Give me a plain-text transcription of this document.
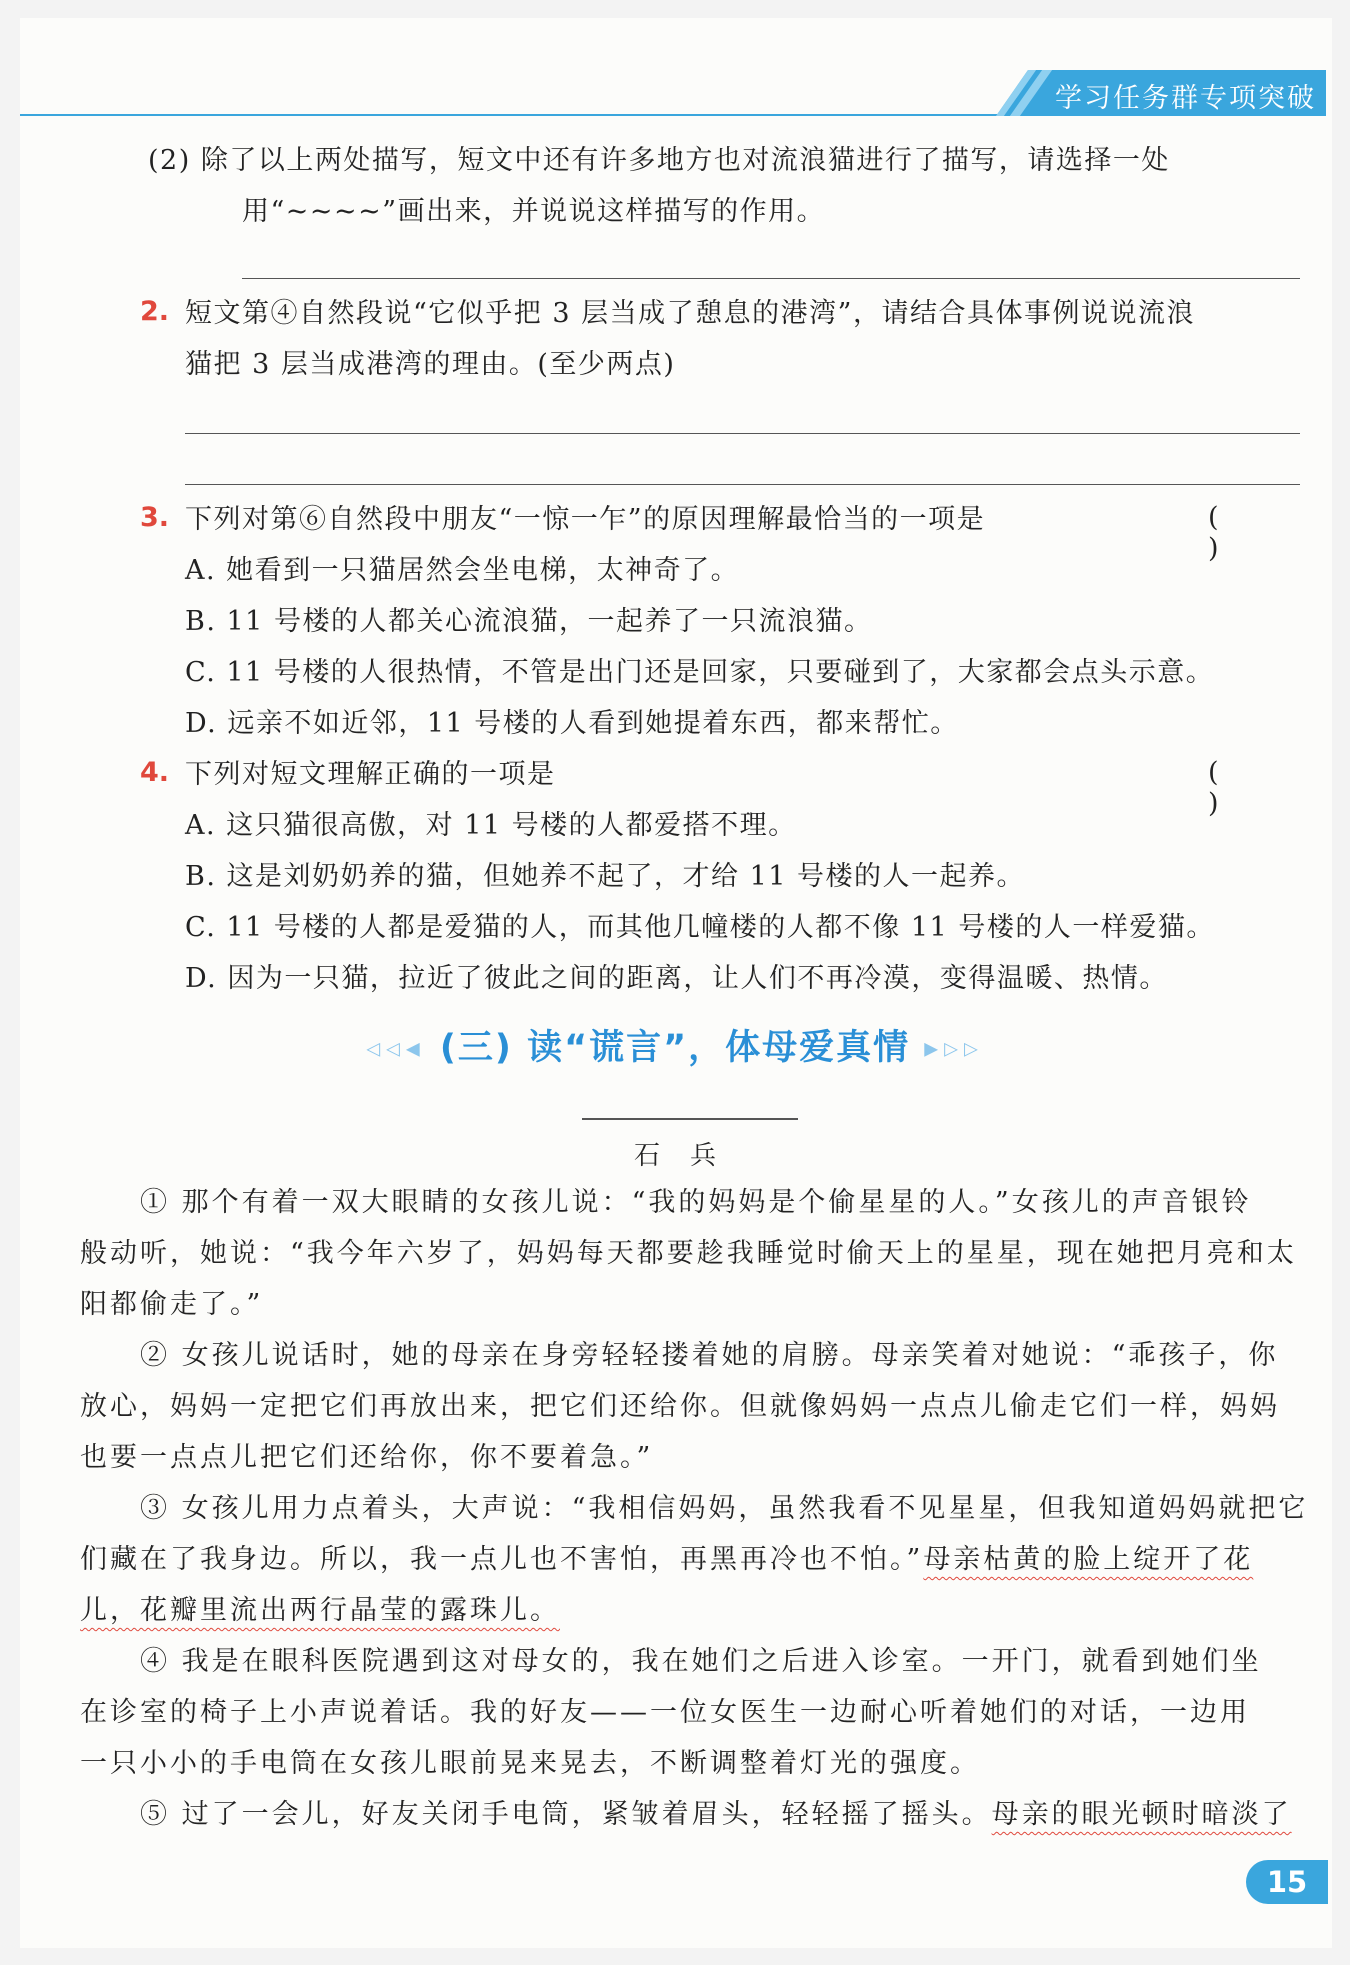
学习任务群专项突破
(2) 除了以上两处描写，短文中还有许多地方也对流浪猫进行了描写，请选择一处
用“~~~~”画出来，并说说这样描写的作用。
2. 短文第④自然段说“它似乎把 3 层当成了憩息的港湾”，请结合具体事例说说流浪
猫把 3 层当成港湾的理由。(至少两点)
3. 下列对第⑥自然段中朋友“一惊一乍”的原因理解最恰当的一项是	( )
A. 她看到一只猫居然会坐电梯，太神奇了。
B. 11 号楼的人都关心流浪猫，一起养了一只流浪猫。
C. 11 号楼的人很热情，不管是出门还是回家，只要碰到了，大家都会点头示意。
D. 远亲不如近邻，11 号楼的人看到她提着东西，都来帮忙。
4. 下列对短文理解正确的一项是	( )
A. 这只猫很高傲，对 11 号楼的人都爱搭不理。
B. 这是刘奶奶养的猫，但她养不起了，才给 11 号楼的人一起养。
C. 11 号楼的人都是爱猫的人，而其他几幢楼的人都不像 11 号楼的人一样爱猫。
D. 因为一只猫，拉近了彼此之间的距离，让人们不再冷漠，变得温暖、热情。
◁◁◀ (三) 读“谎言”，体母爱真情 ▶▷▷
石兵
① 那个有着一双大眼睛的女孩儿说：“我的妈妈是个偷星星的人。”女孩儿的声音银铃
般动听，她说：“我今年六岁了，妈妈每天都要趁我睡觉时偷天上的星星，现在她把月亮和太
阳都偷走了。”
② 女孩儿说话时，她的母亲在身旁轻轻搂着她的肩膀。母亲笑着对她说：“乖孩子，你
放心，妈妈一定把它们再放出来，把它们还给你。但就像妈妈一点点儿偷走它们一样，妈妈
也要一点点儿把它们还给你，你不要着急。”
③ 女孩儿用力点着头，大声说：“我相信妈妈，虽然我看不见星星，但我知道妈妈就把它
们藏在了我身边。所以，我一点儿也不害怕，再黑再冷也不怕。”母亲枯黄的脸上绽开了花
儿，花瓣里流出两行晶莹的露珠儿。
④ 我是在眼科医院遇到这对母女的，我在她们之后进入诊室。一开门，就看到她们坐
在诊室的椅子上小声说着话。我的好友——一位女医生一边耐心听着她们的对话，一边用
一只小小的手电筒在女孩儿眼前晃来晃去，不断调整着灯光的强度。
⑤ 过了一会儿，好友关闭手电筒，紧皱着眉头，轻轻摇了摇头。母亲的眼光顿时暗淡了
15
